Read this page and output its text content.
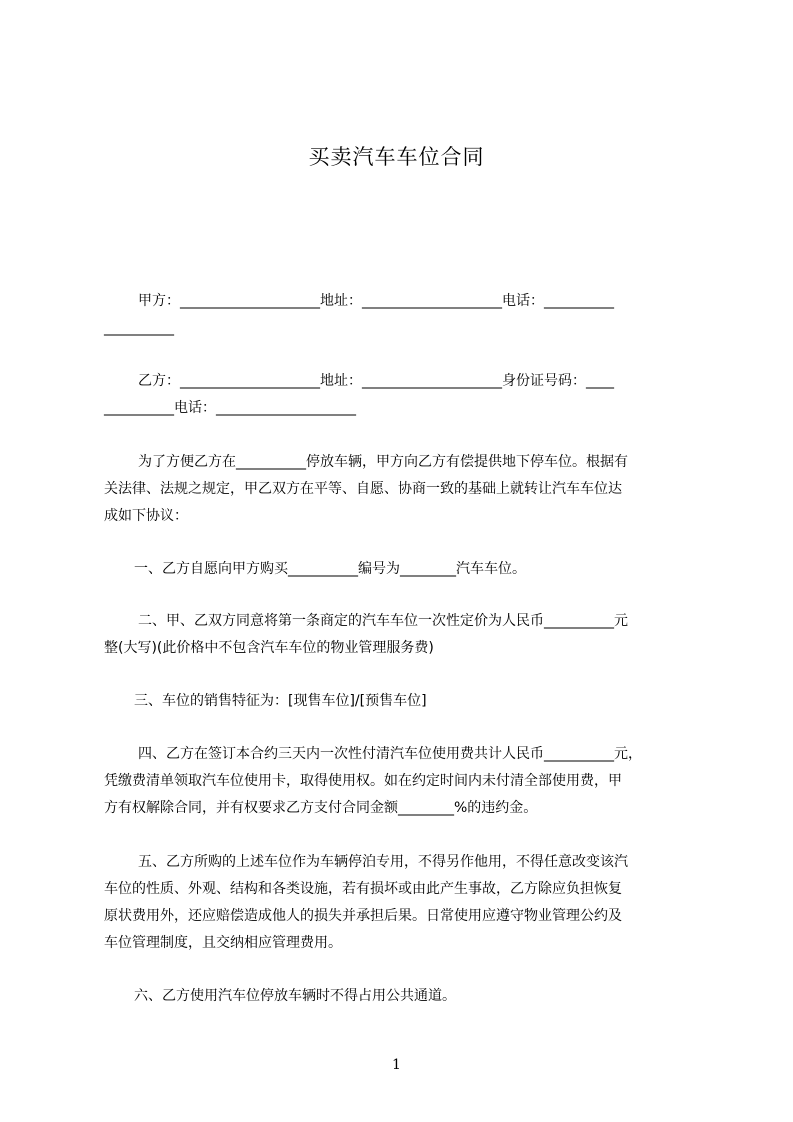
买卖汽车车位合同
甲方：____________________地址：____________________电话：__________
__________
乙方：____________________地址：____________________身份证号码：____
__________电话：____________________
为了方便乙方在__________停放车辆，甲方向乙方有偿提供地下停车位。根据有
关法律、法规之规定，甲乙双方在平等、自愿、协商一致的基础上就转让汽车车位达
成如下协议：
一、乙方自愿向甲方购买__________编号为________汽车车位。
二、甲、乙双方同意将第一条商定的汽车车位一次性定价为人民币__________元
整(大写)(此价格中不包含汽车车位的物业管理服务费)
三、车位的销售特征为：[现售车位]/[预售车位]
四、乙方在签订本合约三天内一次性付清汽车位使用费共计人民币__________元，
凭缴费清单领取汽车位使用卡，取得使用权。如在约定时间内未付清全部使用费，甲
方有权解除合同，并有权要求乙方支付合同金额________%的违约金。
五、乙方所购的上述车位作为车辆停泊专用，不得另作他用，不得任意改变该汽
车位的性质、外观、结构和各类设施，若有损坏或由此产生事故，乙方除应负担恢复
原状费用外，还应赔偿造成他人的损失并承担后果。日常使用应遵守物业管理公约及
车位管理制度，且交纳相应管理费用。
六、乙方使用汽车位停放车辆时不得占用公共通道。
1
